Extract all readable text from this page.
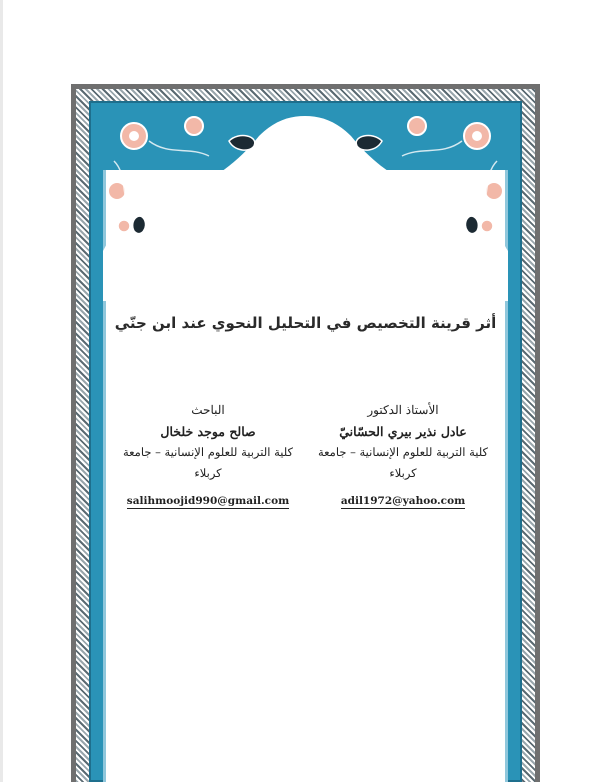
أثر قرينة التخصيص في التحليل النحوي عند ابن جنّي
الأستاذ الدكتور
عادل نذير بيري الحسّانيّ
كلية التربية للعلوم الإنسانية – جامعة
كربلاء
adil1972@yahoo.com
الباحث
صالح موجد خلخال
كلية التربية للعلوم الإنسانية – جامعة
كربلاء
salihmoojid990@gmail.com
